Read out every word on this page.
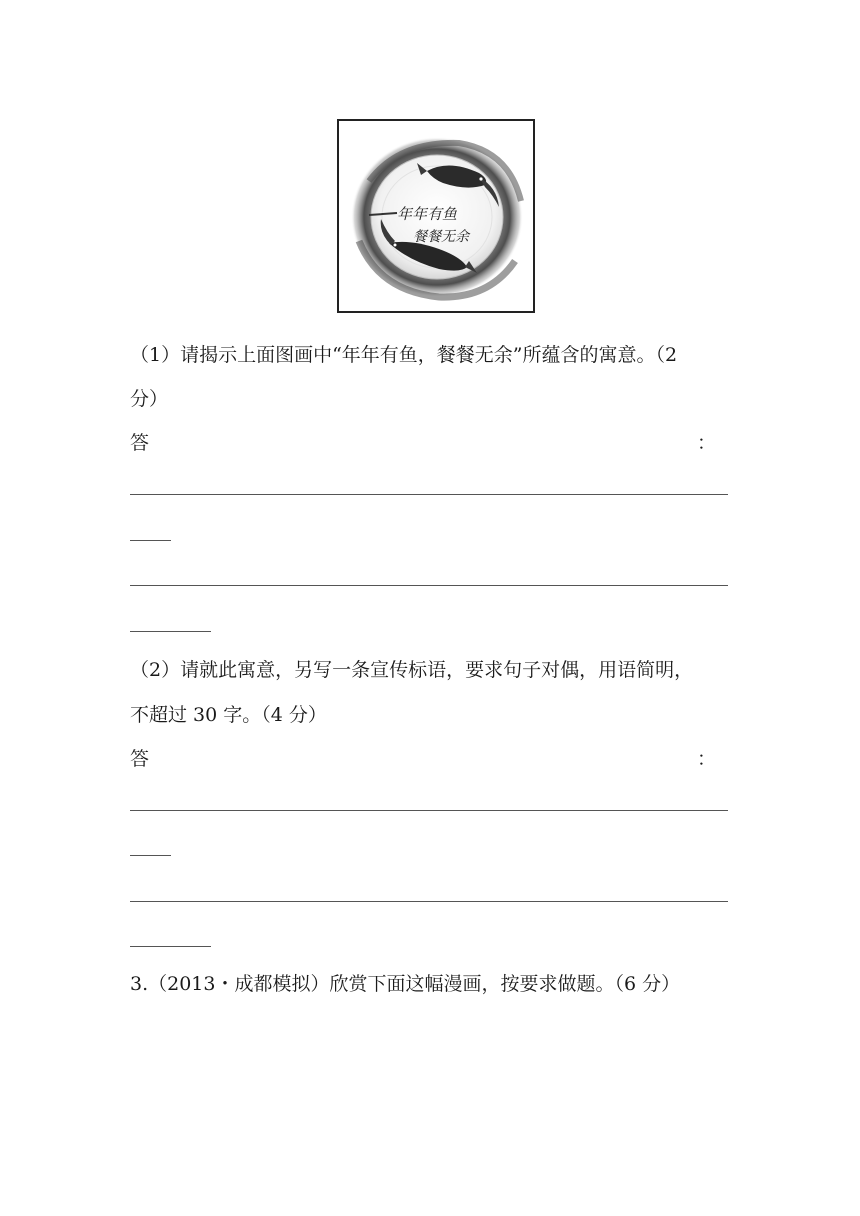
年年有鱼
餐餐无余
（1）请揭示上面图画中“年年有鱼，餐餐无余”所蕴含的寓意。（2
分）
答	：
（2）请就此寓意，另写一条宣传标语，要求句子对偶，用语简明，
不超过 30 字。（4 分）
答	：
3.（2013・成都模拟）欣赏下面这幅漫画，按要求做题。（6 分）
